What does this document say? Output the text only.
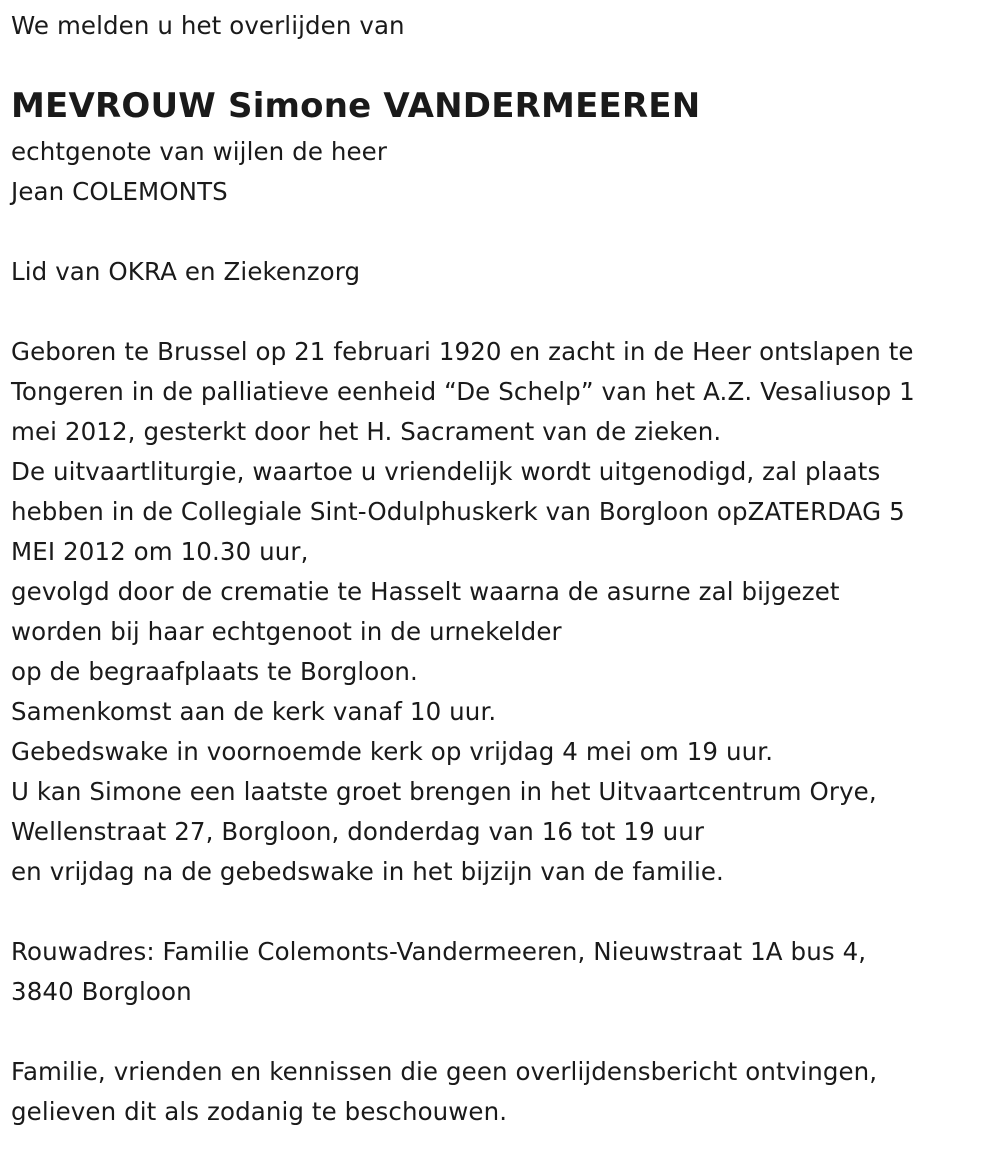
We melden u het overlijden van
MEVROUW Simone VANDERMEEREN
echtgenote van wijlen de heer
Jean COLEMONTS
Lid van OKRA en Ziekenzorg
Geboren te Brussel op 21 februari 1920 en zacht in de Heer ontslapen te
Tongeren in de palliatieve eenheid “De Schelp” van het A.Z. Vesaliusop 1
mei 2012, gesterkt door het H. Sacrament van de zieken.
De uitvaartliturgie, waartoe u vriendelijk wordt uitgenodigd, zal plaats
hebben in de Collegiale Sint-Odulphuskerk van Borgloon opZATERDAG 5
MEI 2012 om 10.30 uur,
gevolgd door de crematie te Hasselt waarna de asurne zal bijgezet
worden bij haar echtgenoot in de urnekelder
op de begraafplaats te Borgloon.
Samenkomst aan de kerk vanaf 10 uur.
Gebedswake in voornoemde kerk op vrijdag 4 mei om 19 uur.
U kan Simone een laatste groet brengen in het Uitvaartcentrum Orye,
Wellenstraat 27, Borgloon, donderdag van 16 tot 19 uur
en vrijdag na de gebedswake in het bijzijn van de familie.
Rouwadres: Familie Colemonts-Vandermeeren, Nieuwstraat 1A bus 4,
3840 Borgloon
Familie, vrienden en kennissen die geen overlijdensbericht ontvingen,
gelieven dit als zodanig te beschouwen.
